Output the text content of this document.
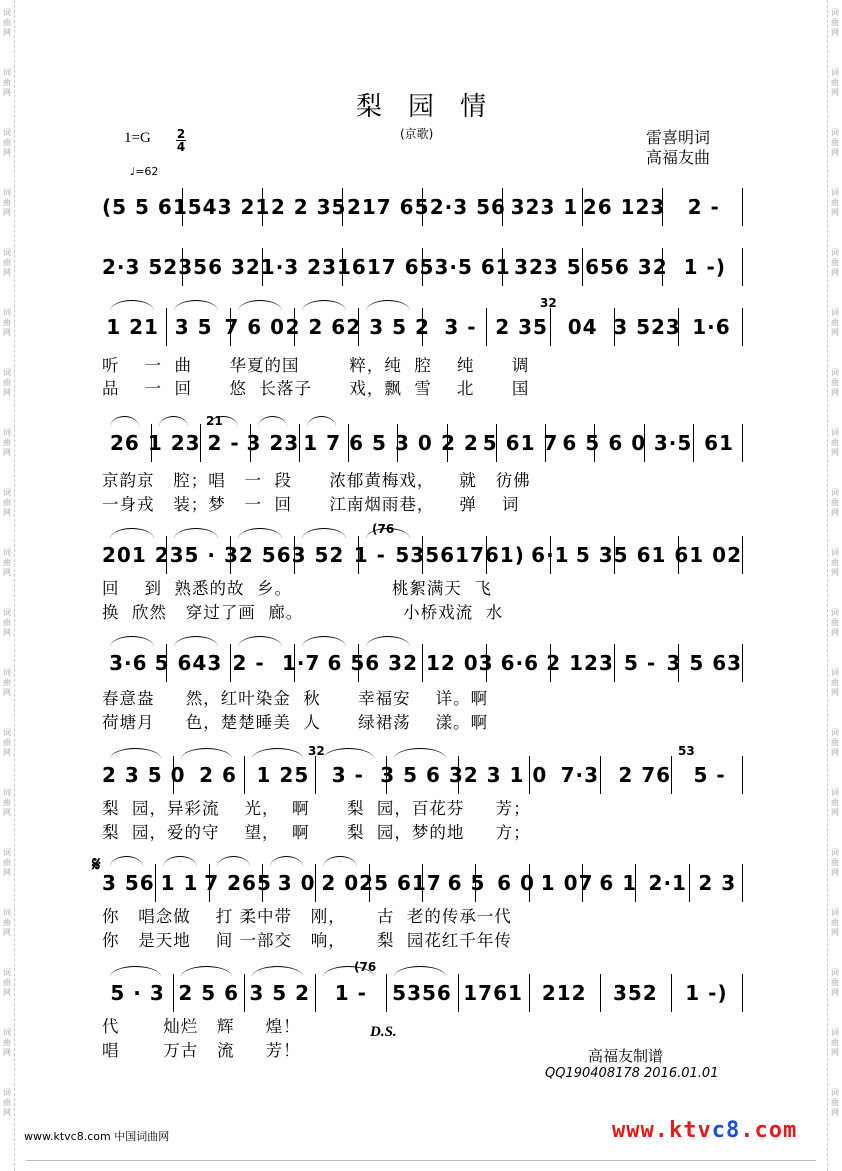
词
曲
网
词
曲
网
词
曲
网
词
曲
网
词
曲
网
词
曲
网
词
曲
网
词
曲
网
词
曲
网
词
曲
网
词
曲
网
词
曲
网
词
曲
网
词
曲
网
词
曲
网
词
曲
网
词
曲
网
词
曲
网
词
曲
网
词
曲
网
词
曲
网
词
曲
网
词
曲
网
词
曲
网
词
曲
网
词
曲
网
词
曲
网
词
曲
网
词
曲
网
词
曲
网
词
曲
网
词
曲
网
词
曲
网
词
曲
网
词
曲
网
词
曲
网
词
曲
网
词
曲
网
梨园情
(京歌)
$1=G \frac{2}{4}$
♩=62
雷喜明词
高福友曲
(5 5 6̇1 543 21 2 2 35 217 65 2·3 56 323 1 26 123	2 -
2·3 52 356 32 1·3 231 617 65 3·5 61 323 5 656 32 1 -)
1 21 3 5 7 6 0 2 2 6 2 3 5 2 3 - 2 35 04 3 523 1·6
26 1 23 2 - 3 23 1 7 6 5 3 0 2 2 5 61 7 6 5 6 0 3·5 61
201 23 5 · 3 2 56 3 52 1 - 5356 1761) 6·1 5 35 6 1 61 02
3·6 5 643 2 - 1·7 6 56 3 2 12 03 6·6 2 123 5 - 3 5 63
2 3 5 0 2 6 1 25	3 - 3 5 6 3 2 3 1 0 7·3 2 76	5 -
3 56 1 1 7 265 3 0 2 02 5 617 6 5 6 0 1 07 6 1 2·1 2 3
5 · 3 2 5 6 3 5 2	1 -	5356 1761 212	352	1 -)
32
21
(76
32	53
(76
听    一  曲      华夏的国        粹，纯  腔    纯      调
品    一  回      悠  长落子      戏，飘  雪    北      国
京韵京   腔；唱   一  段      浓郁黄梅戏，    就   彷佛
一身戎   装；梦   一  回      江南烟雨巷，    弹    词
回    到  熟悉的故  乡。                桃絮满天  飞
换  欣然   穿过了画  廊。                小桥戏流  水
春意盎     然，红叶染金  秋      幸福安    详。啊
荷塘月     色，楚楚睡美  人      绿裙荡    漾。啊
梨  园，异彩流    光，  啊      梨  园，百花芬     芳；
梨  园，爱的守    望，  啊      梨  园，梦的地     方；
你   唱念做    打 柔中带   刚，     古  老的传承一代
你   是天地    间 一部交   响，     梨  园花红千年传
代       灿烂   辉     煌！
唱       万古   流     芳！
𝄋
D.S.
高福友制谱
QQ190408178 2016.01.01
www.ktvc8.com 中国词曲网	www.ktvc8.com
